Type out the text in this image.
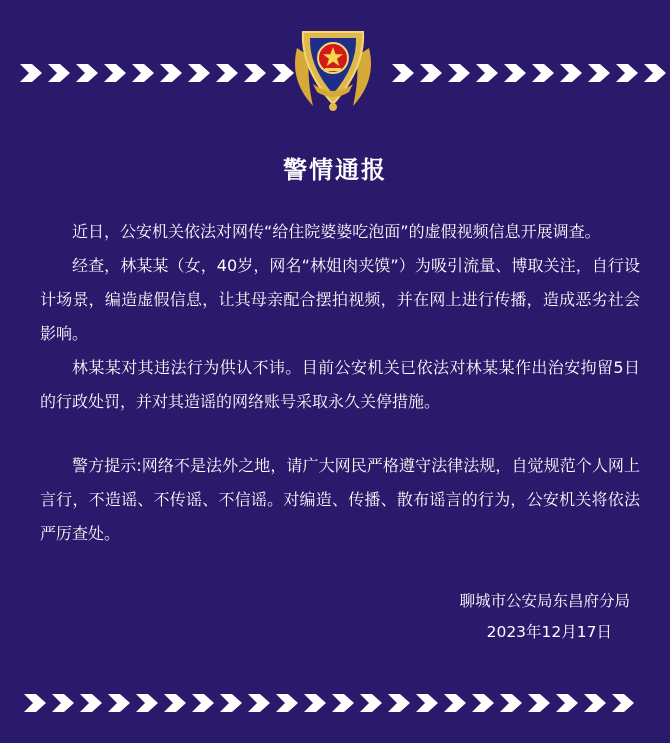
警情通报

近日，公安机关依法对网传“给住院婆婆吃泡面”的虚假视频信息开展调查。

经查，林某某（女，40岁，网名“林姐肉夹馍”）为吸引流量、博取关注，自行设计场景，编造虚假信息，让其母亲配合摆拍视频，并在网上进行传播，造成恶劣社会影响。

林某某对其违法行为供认不讳。目前公安机关已依法对林某某作出治安拘留5日的行政处罚，并对其造谣的网络账号采取永久关停措施。

警方提示:网络不是法外之地，请广大网民严格遵守法律法规，自觉规范个人网上言行，不造谣、不传谣、不信谣。对编造、传播、散布谣言的行为，公安机关将依法严厉查处。

聊城市公安局东昌府分局
2023年12月17日
